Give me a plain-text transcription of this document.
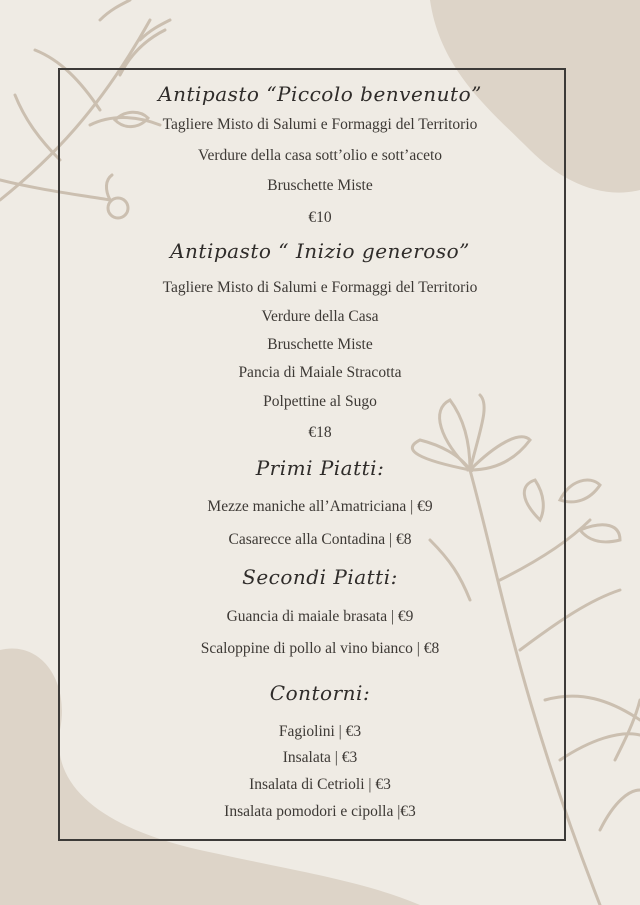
Antipasto “Piccolo benvenuto”
Tagliere Misto di Salumi e Formaggi del Territorio
Verdure della casa sott’olio e sott’aceto
Bruschette Miste
€10
Antipasto “ Inizio generoso”
Tagliere Misto di Salumi e Formaggi del Territorio
Verdure della Casa
Bruschette Miste
Pancia di Maiale Stracotta
Polpettine al Sugo
€18
Primi Piatti:
Mezze maniche all’Amatriciana | €9
Casarecce alla Contadina | €8
Secondi Piatti:
Guancia di maiale brasata | €9
Scaloppine di pollo al vino bianco | €8
Contorni:
Fagiolini | €3
Insalata | €3
Insalata di Cetrioli | €3
Insalata pomodori e cipolla |€3
